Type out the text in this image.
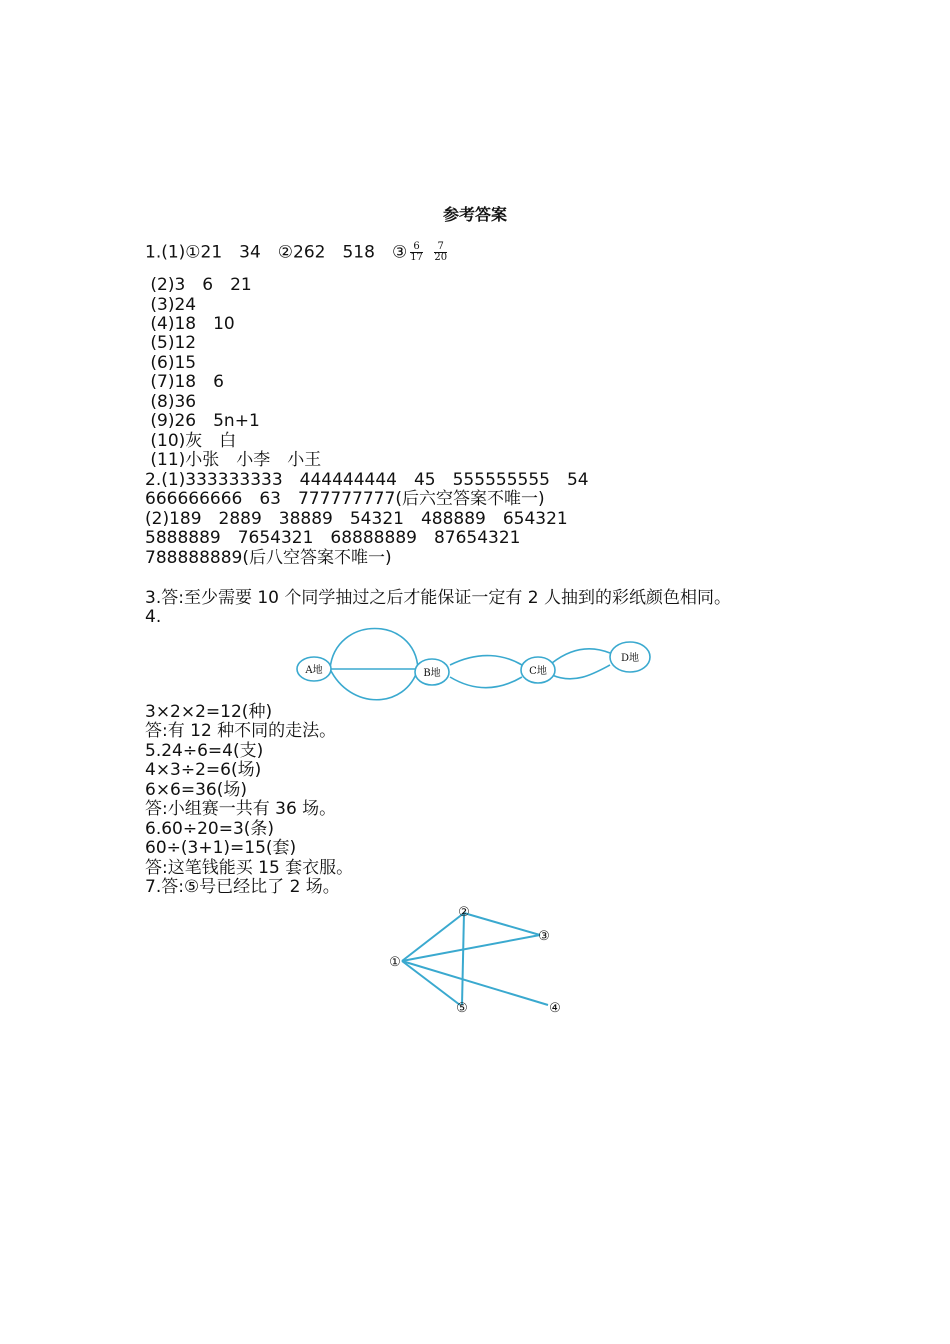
参考答案
1.(1)①21　34　②262　518　③ $\frac{6}{17}$
$\frac{7}{20}$
(2)3　6　21
(3)24
(4)18　10
(5)12
(6)15
(7)18　6
(8)36
(9)26　5n+1
(10)灰　白
(11)小张　小李　小王
2.(1)333333333　444444444　45　555555555　54
666666666　63　777777777(后六空答案不唯一)
(2)189　2889　38889　54321　488889　654321
5888889　7654321　68888889　87654321
788888889(后八空答案不唯一)
3.答:至少需要 10 个同学抽过之后才能保证一定有 2 人抽到的彩纸颜色相同。
4.
A地	B地	C地
D地
3×2×2=12(种)
答:有 12 种不同的走法。
5.24÷6=4(支)
4×3÷2=6(场)
6×6=36(场)
答:小组赛一共有 36 场。
6.60÷20=3(条)
60÷(3+1)=15(套)
答:这笔钱能买 15 套衣服。
7.答:⑤号已经比了 2 场。
①
②
③
④
⑤
